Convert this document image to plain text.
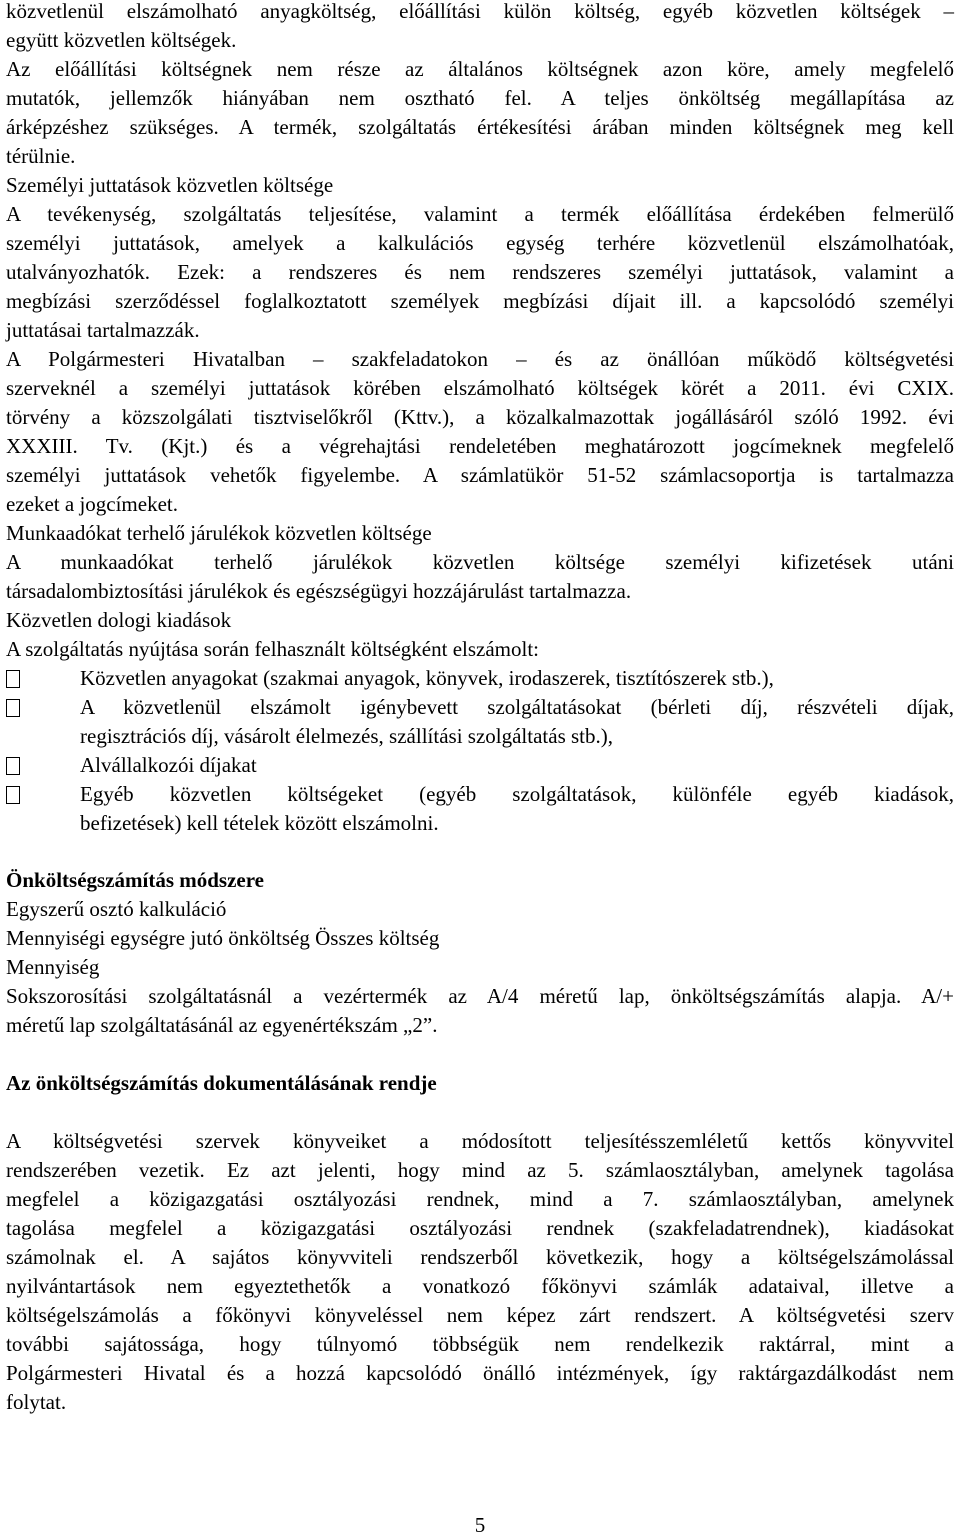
közvetlenül elszámolható anyagköltség, előállítási külön költség, egyéb közvetlen költségek –

együtt közvetlen költségek.

Az előállítási költségnek nem része az általános költségnek azon köre, amely megfelelő

mutatók, jellemzők hiányában nem osztható fel. A teljes önköltség megállapítása az

árképzéshez szükséges. A termék, szolgáltatás értékesítési árában minden költségnek meg kell

térülnie.

Személyi juttatások közvetlen költsége

A tevékenység, szolgáltatás teljesítése, valamint a termék előállítása érdekében felmerülő

személyi juttatások, amelyek a kalkulációs egység terhére közvetlenül elszámolhatóak,

utalványozhatók. Ezek: a rendszeres és nem rendszeres személyi juttatások, valamint a

megbízási szerződéssel foglalkoztatott személyek megbízási díjait ill. a kapcsolódó személyi

juttatásai tartalmazzák.

A Polgármesteri Hivatalban – szakfeladatokon – és az önállóan működő költségvetési

szerveknél a személyi juttatások körében elszámolható költségek körét a 2011. évi CXIX.

törvény a közszolgálati tisztviselőkről (Kttv.), a közalkalmazottak jogállásáról szóló 1992. évi

XXXIII. Tv. (Kjt.) és a végrehajtási rendeletében meghatározott jogcímeknek megfelelő

személyi juttatások vehetők figyelembe. A számlatükör 51-52 számlacsoportja is tartalmazza

ezeket a jogcímeket.

Munkaadókat terhelő járulékok közvetlen költsége

A munkaadókat terhelő járulékok közvetlen költsége személyi kifizetések utáni

társadalombiztosítási járulékok és egészségügyi hozzájárulást tartalmazza.

Közvetlen dologi kiadások

A szolgáltatás nyújtása során felhasznált költségként elszámolt:

Közvetlen anyagokat (szakmai anyagok, könyvek, irodaszerek, tisztítószerek stb.),

A közvetlenül elszámolt igénybevett szolgáltatásokat (bérleti díj, részvételi díjak,

regisztrációs díj, vásárolt élelmezés, szállítási szolgáltatás stb.),

Alvállalkozói díjakat

Egyéb közvetlen költségeket (egyéb szolgáltatások, különféle egyéb kiadások,

befizetések) kell tételek között elszámolni.

Önköltségszámítás módszere

Egyszerű osztó kalkuláció

Mennyiségi egységre jutó önköltség Összes költség

Mennyiség

Sokszorosítási szolgáltatásnál a vezértermék az A/4 méretű lap, önköltségszámítás alapja. A/+

méretű lap szolgáltatásánál az egyenértékszám „2”.

Az önköltségszámítás dokumentálásának rendje

A költségvetési szervek könyveiket a módosított teljesítésszemléletű kettős könyvvitel

rendszerében vezetik. Ez azt jelenti, hogy mind az 5. számlaosztályban, amelynek tagolása

megfelel a közigazgatási osztályozási rendnek, mind a 7. számlaosztályban, amelynek

tagolása megfelel a közigazgatási osztályozási rendnek (szakfeladatrendnek), kiadásokat

számolnak el. A sajátos könyvviteli rendszerből következik, hogy a költségelszámolással

nyilvántartások nem egyeztethetők a vonatkozó főkönyvi számlák adataival, illetve a

költségelszámolás a főkönyvi könyveléssel nem képez zárt rendszert. A költségvetési szerv

további sajátossága, hogy túlnyomó többségük nem rendelkezik raktárral, mint a

Polgármesteri Hivatal és a hozzá kapcsolódó önálló intézmények, így raktárgazdálkodást nem

folytat.

5
